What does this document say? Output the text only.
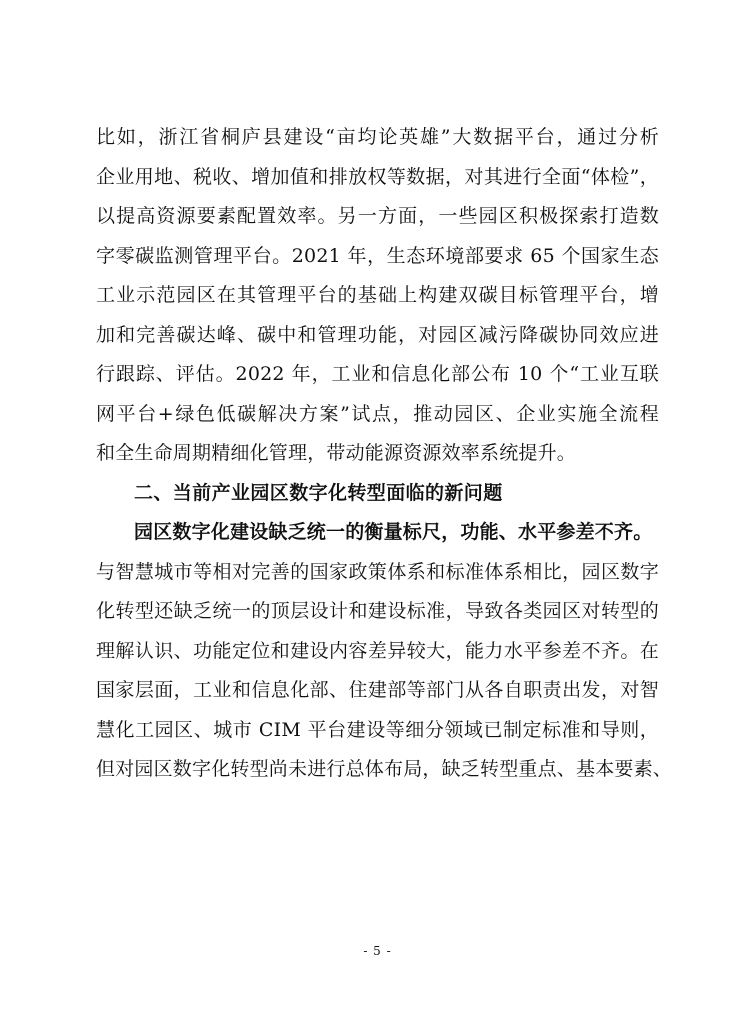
比如，浙江省桐庐县建设“亩均论英雄”大数据平台，通过分析
企业用地、税收、增加值和排放权等数据，对其进行全面“体检”，
以提高资源要素配置效率。另一方面，一些园区积极探索打造数
字零碳监测管理平台。2021 年，生态环境部要求 65 个国家生态
工业示范园区在其管理平台的基础上构建双碳目标管理平台，增
加和完善碳达峰、碳中和管理功能，对园区减污降碳协同效应进
行跟踪、评估。2022 年，工业和信息化部公布 10 个“工业互联
网平台+绿色低碳解决方案”试点，推动园区、企业实施全流程
和全生命周期精细化管理，带动能源资源效率系统提升。
二、当前产业园区数字化转型面临的新问题
园区数字化建设缺乏统一的衡量标尺，功能、水平参差不齐。
与智慧城市等相对完善的国家政策体系和标准体系相比，园区数字
化转型还缺乏统一的顶层设计和建设标准，导致各类园区对转型的
理解认识、功能定位和建设内容差异较大，能力水平参差不齐。在
国家层面，工业和信息化部、住建部等部门从各自职责出发，对智
慧化工园区、城市 CIM 平台建设等细分领域已制定标准和导则，
但对园区数字化转型尚未进行总体布局，缺乏转型重点、基本要素、
- 5 -
